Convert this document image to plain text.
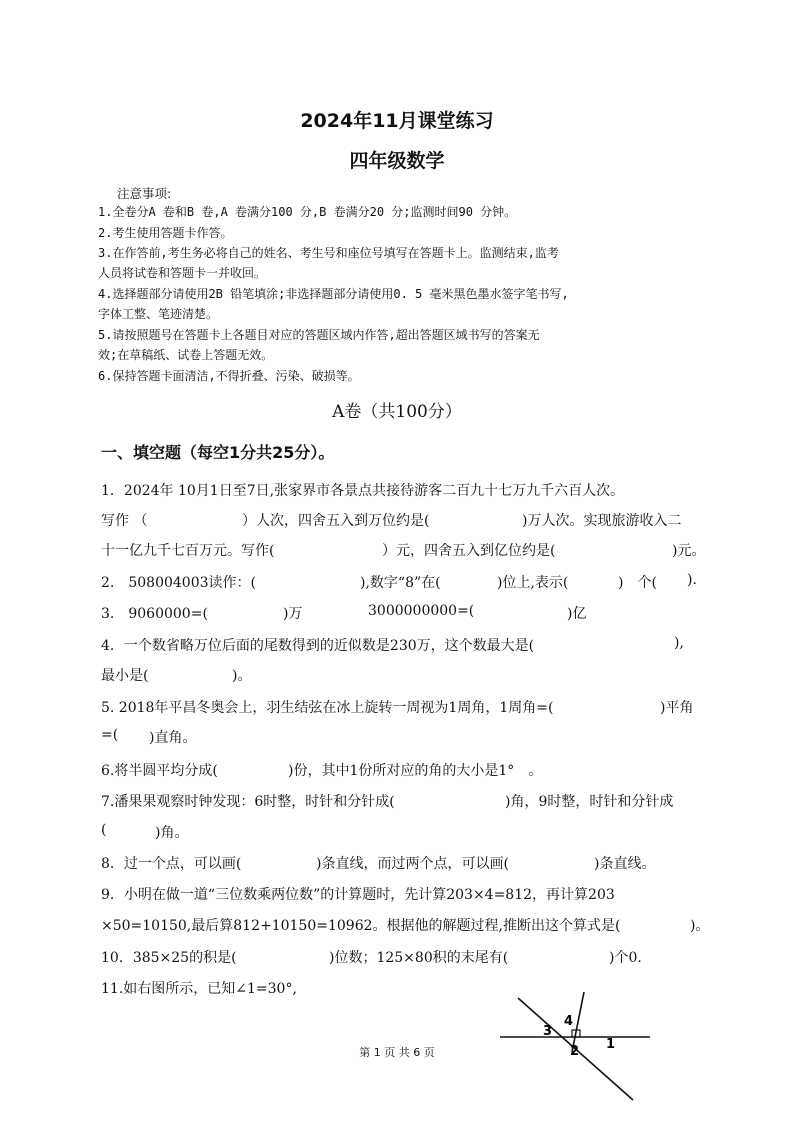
2024年11月课堂练习
四年级数学
注意事项:
1.全卷分A 卷和B 卷,A 卷满分100 分,B 卷满分20 分;监测时间90 分钟。
2.考生使用答题卡作答。
3.在作答前,考生务必将自己的姓名、考生号和座位号填写在答题卡上。监测结束,监考
人员将试卷和答题卡一并收回。
4.选择题部分请使用2B 铅笔填涂;非选择题部分请使用0. 5 毫米黑色墨水签字笔书写,
字体工整、笔迹清楚。
5.请按照题号在答题卡上各题目对应的答题区域内作答,超出答题区域书写的答案无
效;在草稿纸、试卷上答题无效。
6.保持答题卡面清洁,不得折叠、污染、破损等。
A卷（共100分）
一、填空题（每空1分共25分）。
1．2024年 10月1日至7日,张家界市各景点共接待游客二百九十七万九千六百人次。
写作 （	）人次，四舍五入到万位约是(	)万人次。实现旅游收入二
十一亿九千七百万元。写作(	）元，四舍五入到亿位约是(	)元。
2.　508004003读作：(	),数字“8”在(	)位上,表示(	)　个( ).
3.　9060000=(	)万	3000000000=(	)亿
4．一个数省略万位后面的尾数得到的近似数是230万，这个数最大是(	),
最小是(	)。
5. 2018年平昌冬奥会上，羽生结弦在冰上旋转一周视为1周角，1周角=(	)平角
=( )直角。
6.将半圆平均分成(	)份，其中1份所对应的角的大小是1°　。
7.潘果果观察时钟发现：6时整，时针和分针成(	)角，9时整，时针和分针成
(	)角。
8．过一个点，可以画(	)条直线，而过两个点，可以画(	)条直线。
9．小明在做一道“三位数乘两位数”的计算题时，先计算203×4=812，再计算203
×50=10150,最后算812+10150=10962。根据他的解题过程,推断出这个算式是(	)。
10．385×25的积是(	)位数；125×80积的末尾有(	)个0.
11.如右图所示，已知∠1=30°,
4
3
1
2
第 1 页 共 6 页
